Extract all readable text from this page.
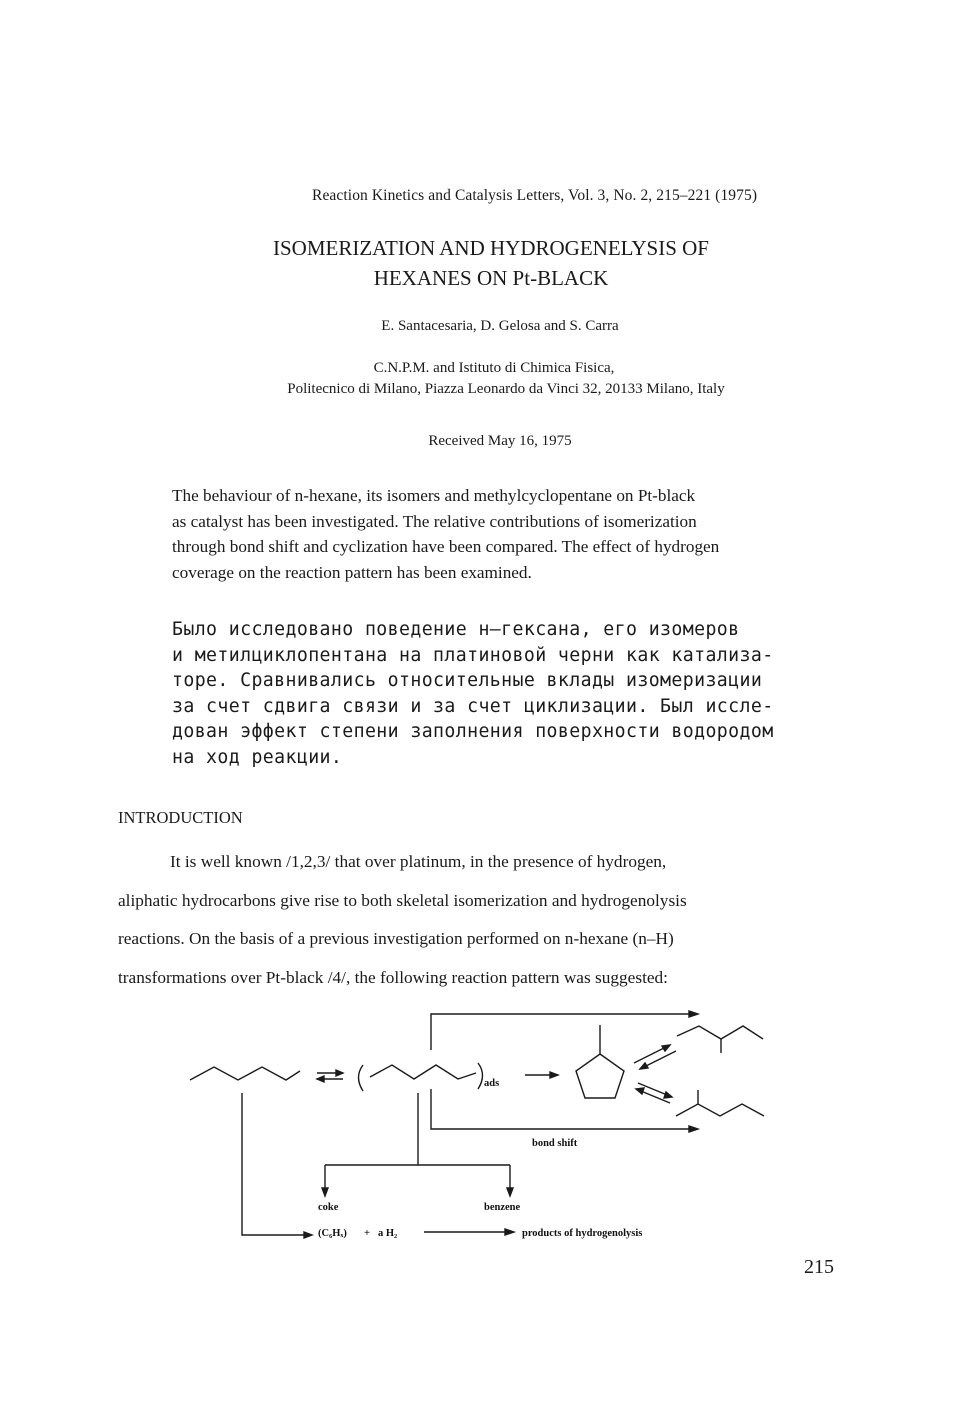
Reaction Kinetics and Catalysis Letters, Vol. 3, No. 2, 215–221 (1975)
ISOMERIZATION AND HYDROGENELYSIS OF
HEXANES ON Pt-BLACK
E. Santacesaria, D. Gelosa and S. Carra
C.N.P.M. and Istituto di Chimica Fisica,
Politecnico di Milano, Piazza Leonardo da Vinci 32, 20133 Milano, Italy
Received May 16, 1975
The behaviour of n-hexane, its isomers and methylcyclopentane on Pt-black
as catalyst has been investigated. The relative contributions of isomerization
through bond shift and cyclization have been compared. The effect of hydrogen
coverage on the reaction pattern has been examined.
Было исследовано поведение н–гексана, его изомеров
и метилциклопентана на платиновой черни как катализа-
торе. Сравнивались относительные вклады изомеризации
за счет сдвига связи и за счет циклизации. Был иссле-
дован эффект степени заполнения поверхности водородом
на ход реакции.
INTRODUCTION
It is well known /1,2,3/ that over platinum, in the presence of hydrogen,
aliphatic hydrocarbons give rise to both skeletal isomerization and hydrogenolysis
reactions. On the basis of a previous investigation performed on n-hexane (n–H)
transformations over Pt-black /4/, the following reaction pattern was suggested:
ads
bond shift
coke	benzene
(C₆Hₓ) + a H₂	products of hydrogenolysis
215
